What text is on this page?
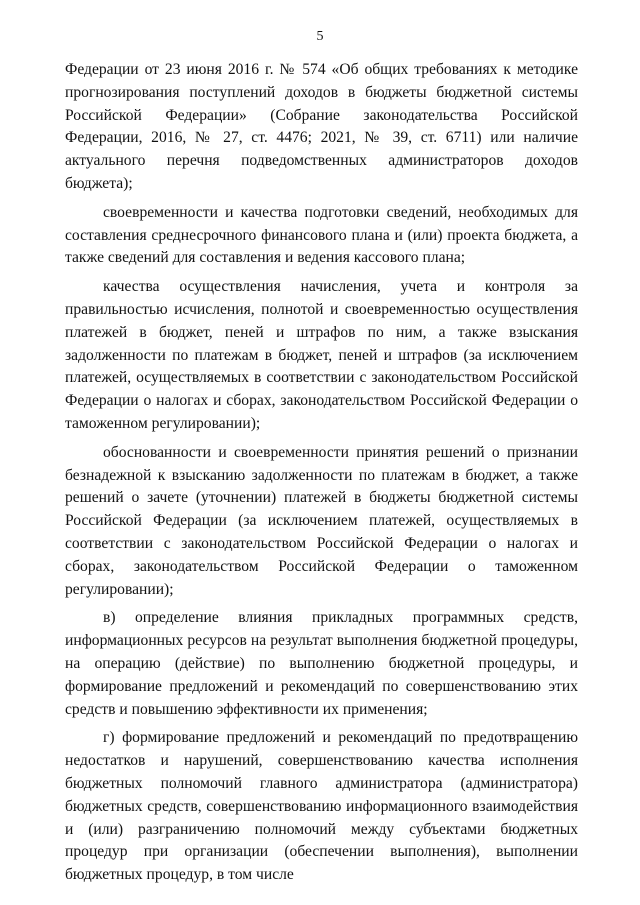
5

Федерации от 23 июня 2016 г. № 574 «Об общих требованиях к методике прогнозирования поступлений доходов в бюджеты бюджетной системы Российской Федерации» (Собрание законодательства Российской Федерации, 2016, № 27, ст. 4476; 2021, № 39, ст. 6711) или наличие актуального перечня подведомственных администраторов доходов бюджета);

своевременности и качества подготовки сведений, необходимых для составления среднесрочного финансового плана и (или) проекта бюджета, а также сведений для составления и ведения кассового плана;

качества осуществления начисления, учета и контроля за правильностью исчисления, полнотой и своевременностью осуществления платежей в бюджет, пеней и штрафов по ним, а также взыскания задолженности по платежам в бюджет, пеней и штрафов (за исключением платежей, осуществляемых в соответствии с законодательством Российской Федерации о налогах и сборах, законодательством Российской Федерации о таможенном регулировании);

обоснованности и своевременности принятия решений о признании безнадежной к взысканию задолженности по платежам в бюджет, а также решений о зачете (уточнении) платежей в бюджеты бюджетной системы Российской Федерации (за исключением платежей, осуществляемых в соответствии с законодательством Российской Федерации о налогах и сборах, законодательством Российской Федерации о таможенном регулировании);

в) определение влияния прикладных программных средств, информационных ресурсов на результат выполнения бюджетной процедуры, на операцию (действие) по выполнению бюджетной процедуры, и формирование предложений и рекомендаций по совершенствованию этих средств и повышению эффективности их применения;

г) формирование предложений и рекомендаций по предотвращению недостатков и нарушений, совершенствованию качества исполнения бюджетных полномочий главного администратора (администратора) бюджетных средств, совершенствованию информационного взаимодействия и (или) разграничению полномочий между субъектами бюджетных процедур при организации (обеспечении выполнения), выполнении бюджетных процедур, в том числе
